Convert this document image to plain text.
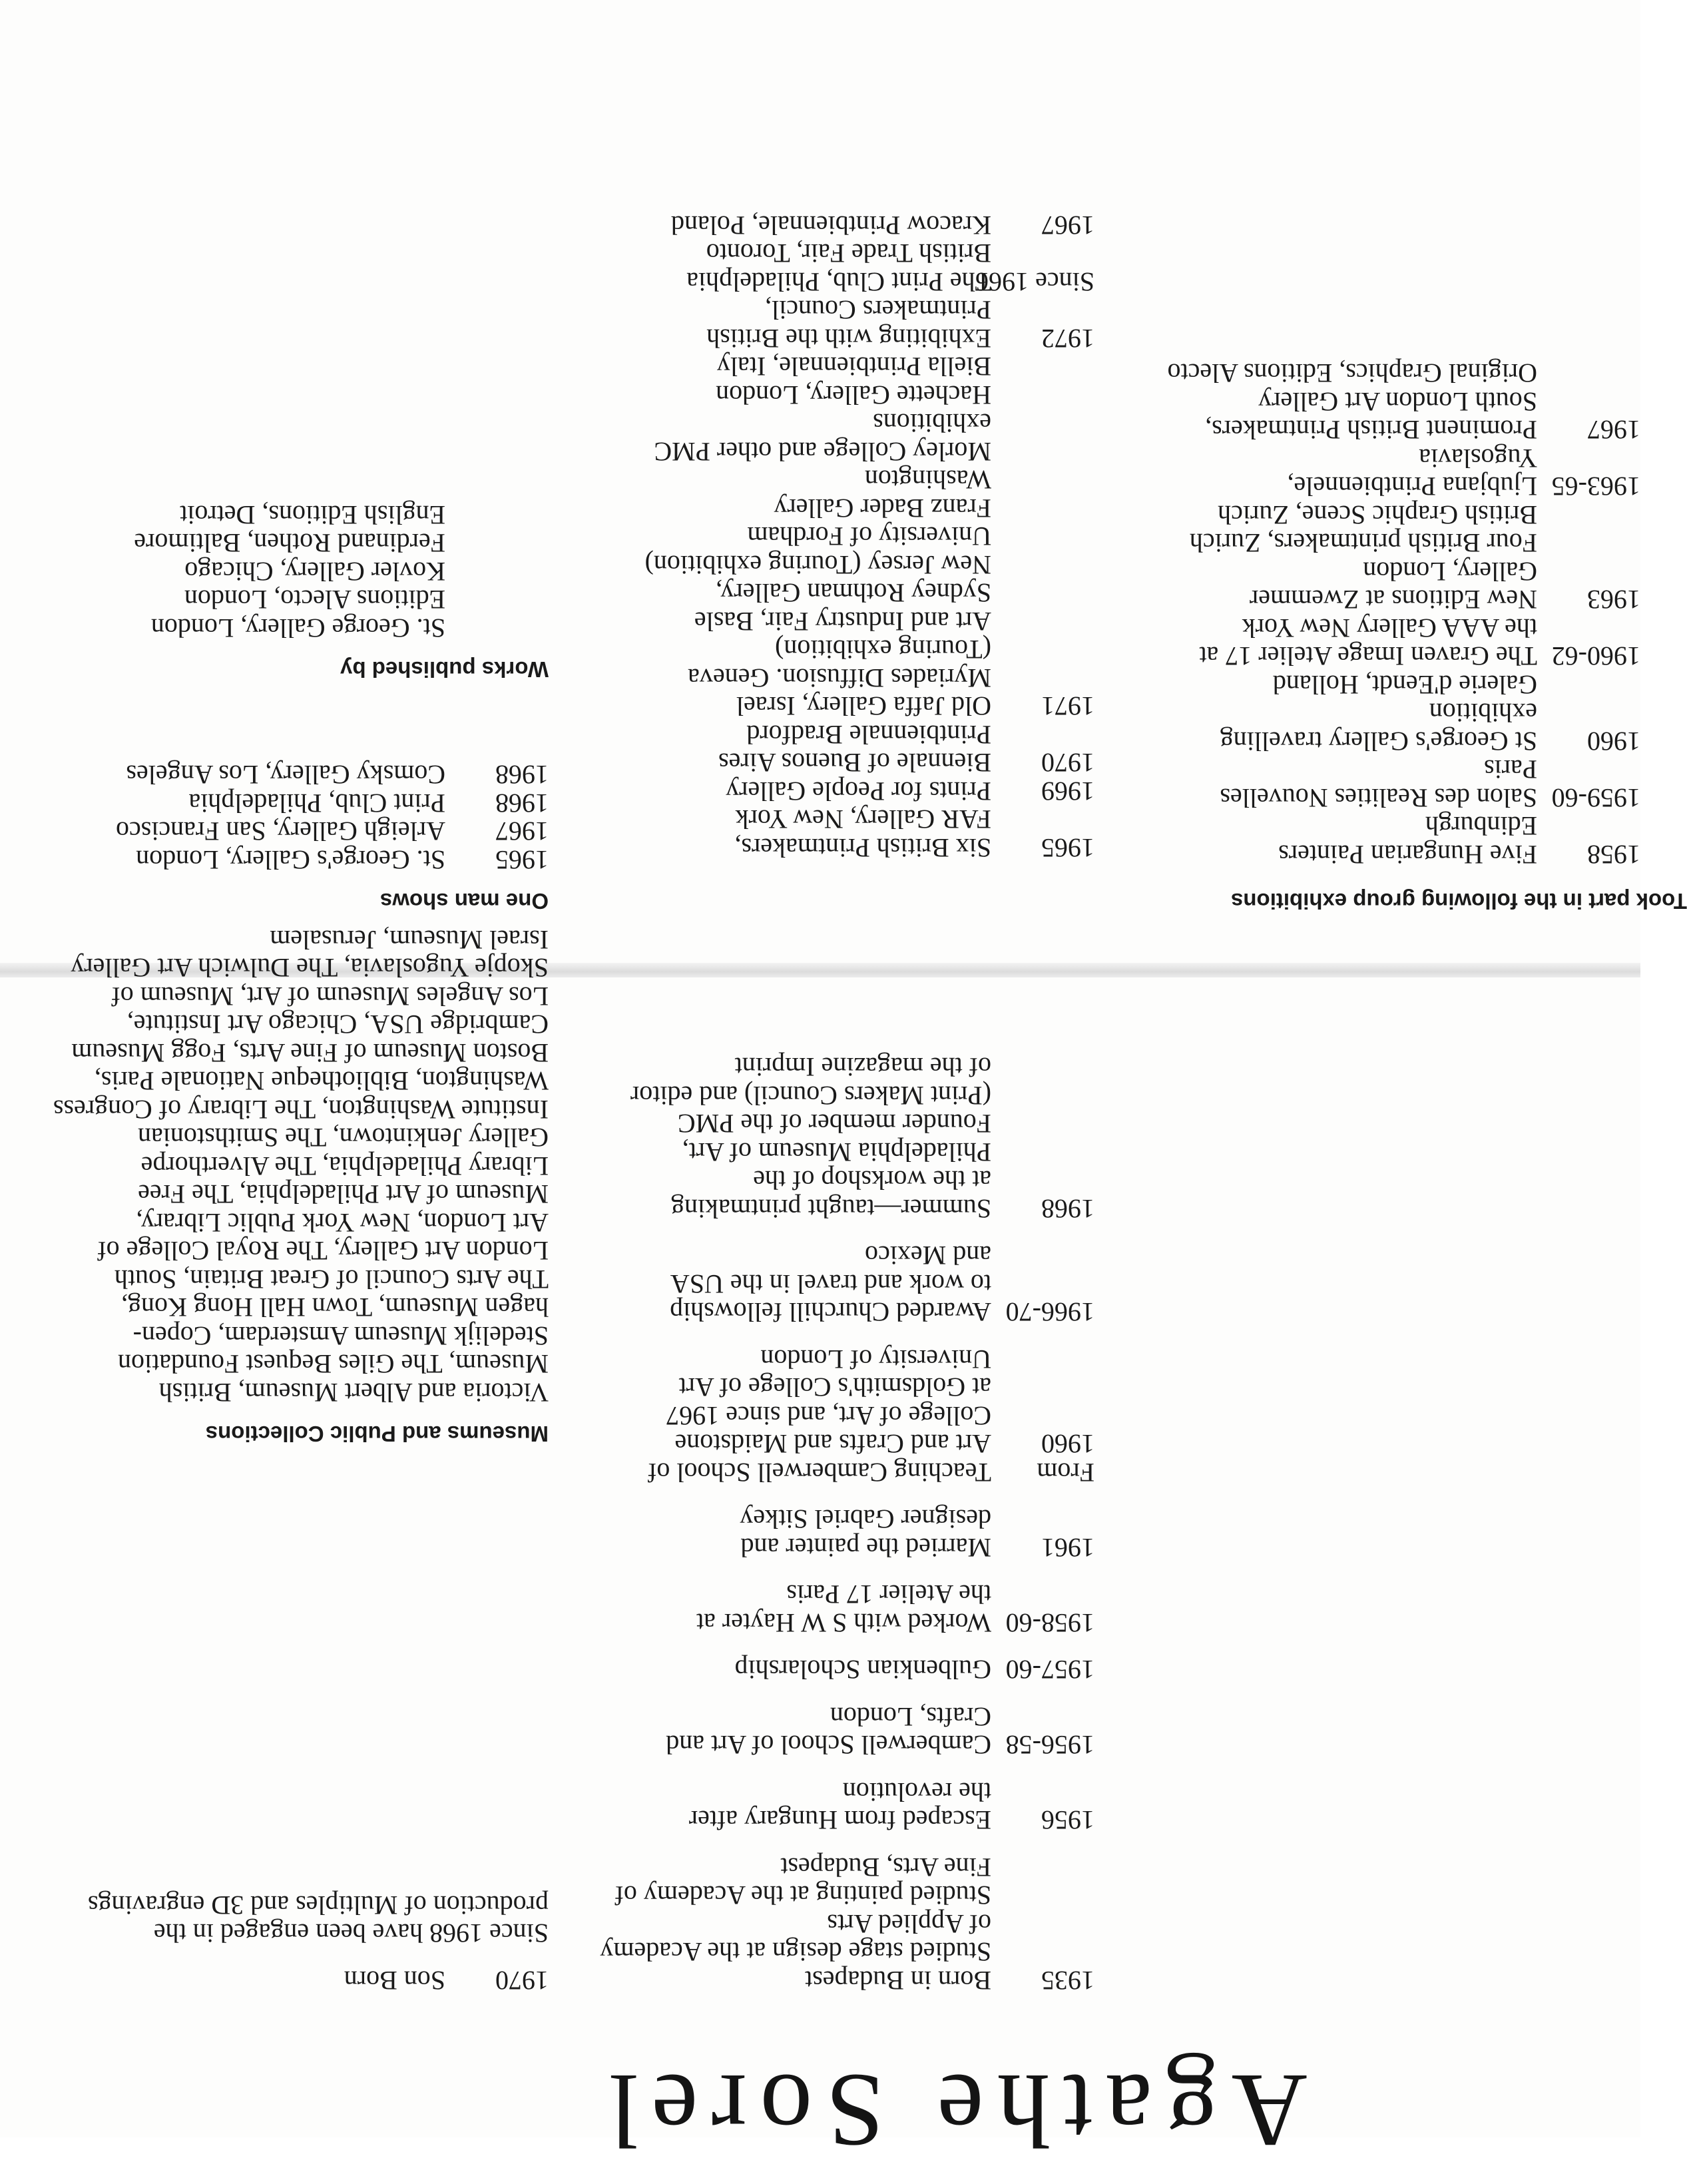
Agathe Sorel
1935
Born in Budapest
Studied stage design at the Academy
of Applied Arts
Studied painting at the Academy of
Fine Arts, Budapest
1956
Escaped from Hungary after
the revolution
1956-58
Camberwell School of Art and
Crafts, London
1957-60
Gulbenkian Scholarship
1958-60
Worked with S W Hayter at
the Atelier 17 Paris
1961
Married the painter and
designer Gabriel Sitkey
From
1960
Teaching Camberwell School of
Art and Crafts and Maidstone
College of Art, and since 1967
at Goldsmith's College of Art
University of London
1966-70
Awarded Churchill fellowship
to work and travel in the USA
and Mexico
1968
Summer—taught printmaking
at the workshop of the
Philadelphia Museum of Art,
Founder member of the PMC
(Print Makers Council) and editor
of the magazine Imprint
1970
Son Born
Since 1968 have been engaged in the
production of Multiples and 3D engravings
Museums and Public Collections
Victoria and Albert Museum, British
Museum, The Giles Bequest Foundation
Stedelijk Museum Amsterdam, Copen-
hagen Museum, Town Hall Hong Kong,
The Arts Council of Great Britain, South
London Art Gallery, The Royal College of
Art London, New York Public Library,
Museum of Art Philadelphia, The Free
Library Philadelphia, The Alverthorpe
Gallery Jenkintown, The Smithstonian
Institute Washington, The Library of Congress
Washington, Bibliotheque Nationale Paris,
Boston Museum of Fine Arts, Fogg Museum
Cambridge USA, Chicago Art Institute,
Los Angeles Museum of Art, Museum of
Skopje Yugoslavia, The Dulwich Art Gallery
Israel Museum, Jerusalem
Took part in the following group exhibitions
1958
Five Hungarian Painters
Edinburgh
1959-60
Salon des Realities Nouvelles
Paris
1960
St George's Gallery travelling
exhibition
Galerie d'Eendt, Holland
1960-62
The Graven Image Atelier 17 at
the AAA Gallery New York
1963
New Editions at Zwemmer
Gallery, London
Four British printmakers, Zurich
British Graphic Scene, Zurich
1963-65
Ljubjana Printbiennele,
Yugoslavia
1967
Prominent British Printmakers,
South London Art Gallery
Original Graphics, Editions Alecto
1965
Six British Printmakers,
FAR Gallery, New York
1969
Prints for People Gallery
1970
Biennale of Buenos Aires
Printbiennale Bradford
1971
Old Jaffa Gallery, Israel
Myriades Diffusion. Geneva
(Touring exhibition)
Art and Industry Fair, Basle
Sydney Rothman Gallery,
New Jersey (Touring exhibition)
University of Fordham
Franz Bader Gallery
Washington
Morley College and other PMC
exhibitions
Hachette Gallery, London
Biella Printbiennale, Italy
1972
Exhibiting with the British
Printmakers Council,
Since 1966
The Print Club, Philadelphia
British Trade Fair, Toronto
1967
Kracow Printbiennale, Poland
One man shows
1965
St. George's Gallery, London
1967
Arleigh Gallery, San Francisco
1968
Print Club, Philadelphia
1968
Comsky Gallery, Los Angeles
Works published by
St. George Gallery, London
Editions Alecto, London
Kovler Gallery, Chicago
Ferdinand Rothen, Baltimore
English Editions, Detroit
